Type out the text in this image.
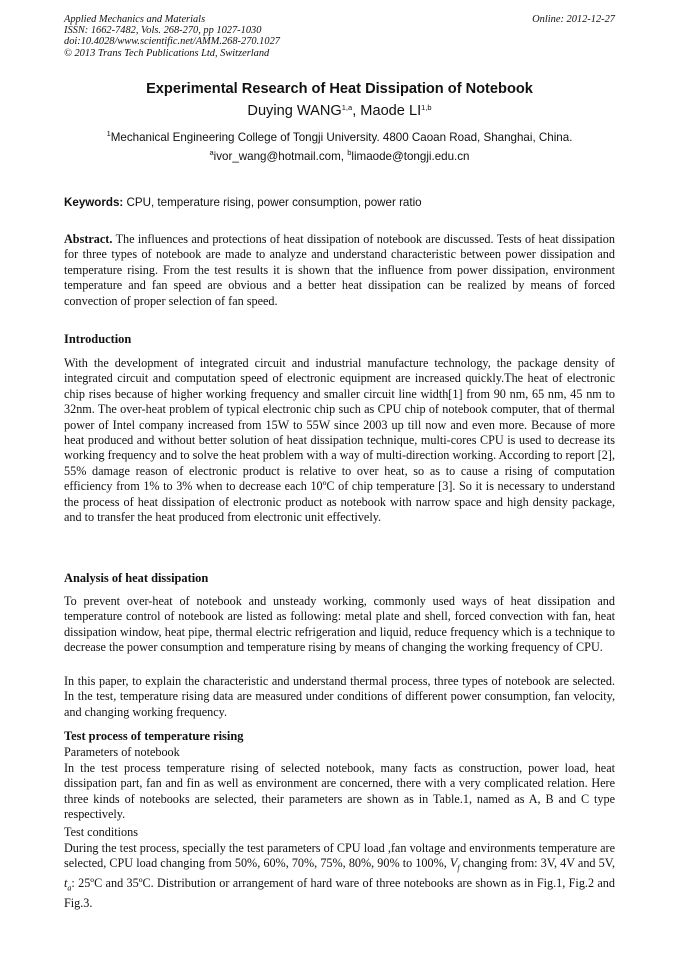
Applied Mechanics and Materials	Online: 2012-12-27
ISSN: 1662-7482, Vols. 268-270, pp 1027-1030
doi:10.4028/www.scientific.net/AMM.268-270.1027
© 2013 Trans Tech Publications Ltd, Switzerland
Experimental Research of Heat Dissipation of Notebook
Duying WANG$^{1,a}$, Maode LI$^{1,b}$
$^1$Mechanical Engineering College of Tongji University. 4800 Caoan Road, Shanghai, China.
$^a$ivor_wang@hotmail.com, $^b$limaode@tongji.edu.cn
Keywords: CPU, temperature rising, power consumption, power ratio
Abstract. The influences and protections of heat dissipation of notebook are discussed. Tests of heat dissipation for three types of notebook are made to analyze and understand characteristic between power dissipation and temperature rising. From the test results it is shown that the influence from power dissipation, environment temperature and fan speed are obvious and a better heat dissipation can be realized by means of forced convection of proper selection of fan speed.
Introduction
With the development of integrated circuit and industrial manufacture technology, the package density of integrated circuit and computation speed of electronic equipment are increased quickly.The heat of electronic chip rises because of higher working frequency and smaller circuit line width[1] from 90 nm, 65 nm, 45 nm to 32nm. The over-heat problem of typical electronic chip such as CPU chip of notebook computer, that of thermal power of Intel company increased from 15W to 55W since 2003 up till now and even more. Because of more heat produced and without better solution of heat dissipation technique, multi-cores CPU is used to decrease its working frequency and to solve the heat problem with a way of multi-direction working. According to report [2], 55% damage reason of electronic product is relative to over heat, so as to cause a rising of computation efficiency from 1% to 3% when to decrease each 10ºC of chip temperature [3]. So it is necessary to understand the process of heat dissipation of electronic product as notebook with narrow space and high density package, and to transfer the heat produced from electronic unit effectively.
Analysis of heat dissipation
To prevent over-heat of notebook and unsteady working, commonly used ways of heat dissipation and temperature control of notebook are listed as following: metal plate and shell, forced convection with fan, heat dissipation window, heat pipe, thermal electric refrigeration and liquid, reduce frequency which is a technique to decrease the power consumption and temperature rising by means of changing the working frequency of CPU.
In this paper, to explain the characteristic and understand thermal process, three types of notebook are selected. In the test, temperature rising data are measured under conditions of different power consumption, fan velocity, and changing working frequency.
Test process of temperature rising
Parameters of notebook
In the test process temperature rising of selected notebook, many facts as construction, power load, heat dissipation part, fan and fin as well as environment are concerned, there with a very complicated relation. Here three kinds of notebooks are selected, their parameters are shown as in Table.1, named as A, B and C type respectively.
Test conditions
During the test process, specially the test parameters of CPU load ,fan voltage and environments temperature are selected, CPU load changing from 50%, 60%, 70%, 75%, 80%, 90% to 100%, $V_f$ changing from: 3V, 4V and 5V, $t_a$: 25ºC and 35ºC. Distribution or arrangement of hard ware of three notebooks are shown as in Fig.1, Fig.2 and Fig.3.
